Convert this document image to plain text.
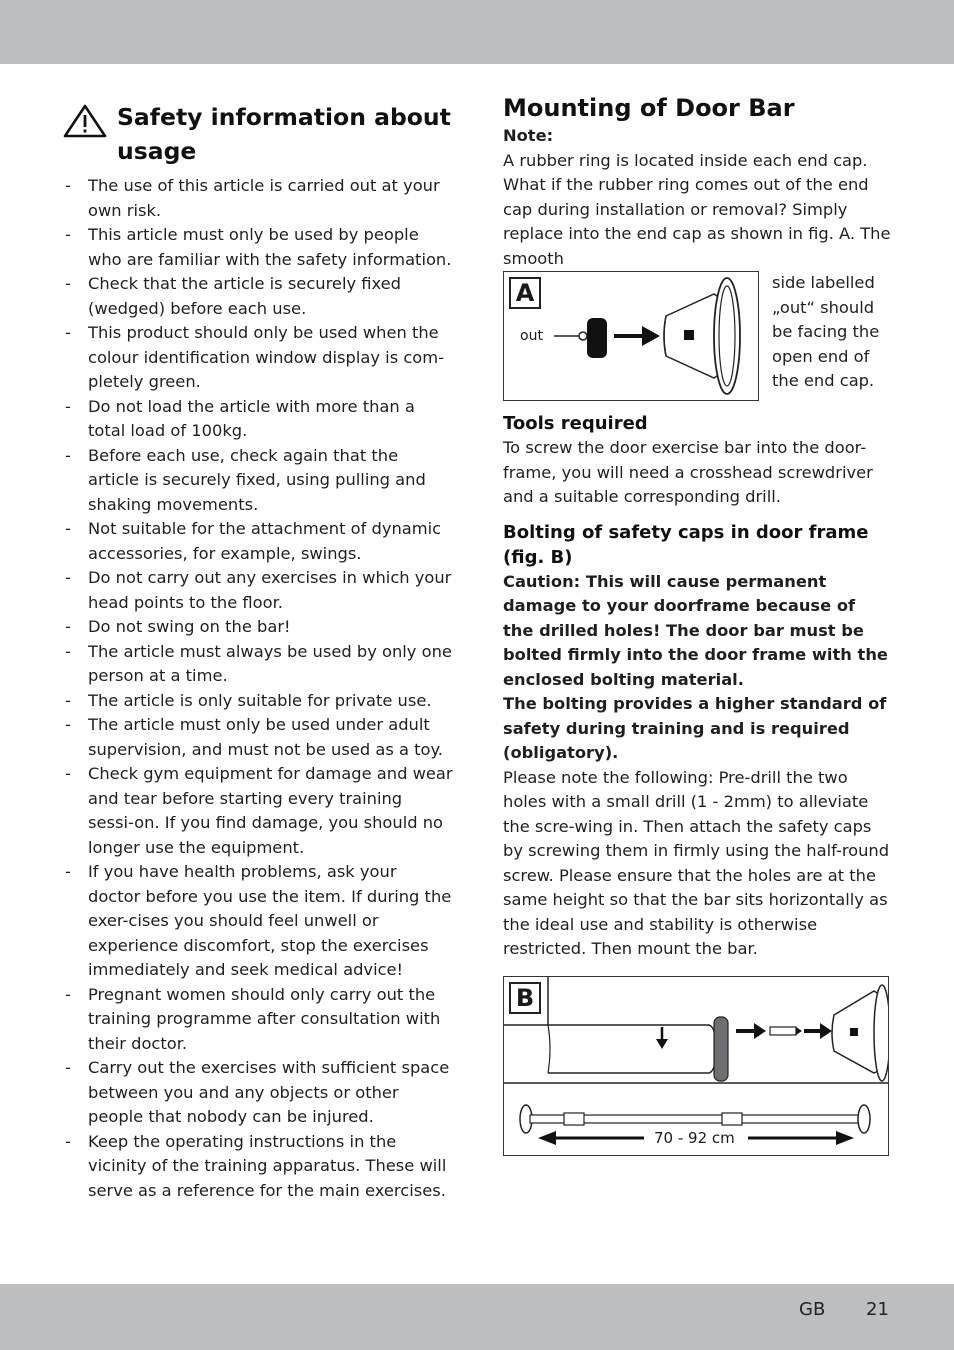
Safety information about usage
- The use of this article is carried out at your own risk.
- This article must only be used by people who are familiar with the safety information.
- Check that the article is securely fixed (wedged) before each use.
- This product should only be used when the colour identification window display is com-pletely green.
- Do not load the article with more than a total load of 100kg.
- Before each use, check again that the article is securely fixed, using pulling and shaking movements.
- Not suitable for the attachment of dynamic accessories, for example, swings.
- Do not carry out any exercises in which your head points to the floor.
- Do not swing on the bar!
- The article must always be used by only one person at a time.
- The article is only suitable for private use.
- The article must only be used under adult supervision, and must not be used as a toy.
- Check gym equipment for damage and wear and tear before starting every training sessi-on. If you find damage, you should no longer use the equipment.
- If you have health problems, ask your doctor before you use the item. If during the exer-cises you should feel unwell or experience discomfort, stop the exercises immediately and seek medical advice!
- Pregnant women should only carry out the training programme after consultation with their doctor.
- Carry out the exercises with sufficient space between you and any objects or other people that nobody can be injured.
- Keep the operating instructions in the vicinity of the training apparatus. These will serve as a reference for the main exercises.
Mounting of Door Bar

Note:

A rubber ring is located inside each end cap. What if the rubber ring comes out of the end cap during installation or removal? Simply replace into the end cap as shown in fig. A. The smooth

A
out

side labelled „out“ should be facing the open end of the end cap.

Tools required

To screw the door exercise bar into the door-frame, you will need a crosshead screwdriver and a suitable corresponding drill.

Bolting of safety caps in door frame (fig. B)

Caution: This will cause permanent damage to your doorframe because of the drilled holes! The door bar must be bolted firmly into the door frame with the enclosed bolting material.

The bolting provides a higher standard of safety during training and is required (obligatory).

Please note the following: Pre-drill the two holes with a small drill (1 - 2mm) to alleviate the scre-wing in. Then attach the safety caps by screwing them in firmly using the half-round screw. Please ensure that the holes are at the same height so that the bar sits horizontally as the ideal use and stability is otherwise restricted. Then mount the bar.

B
70 - 92 cm
GB 21
